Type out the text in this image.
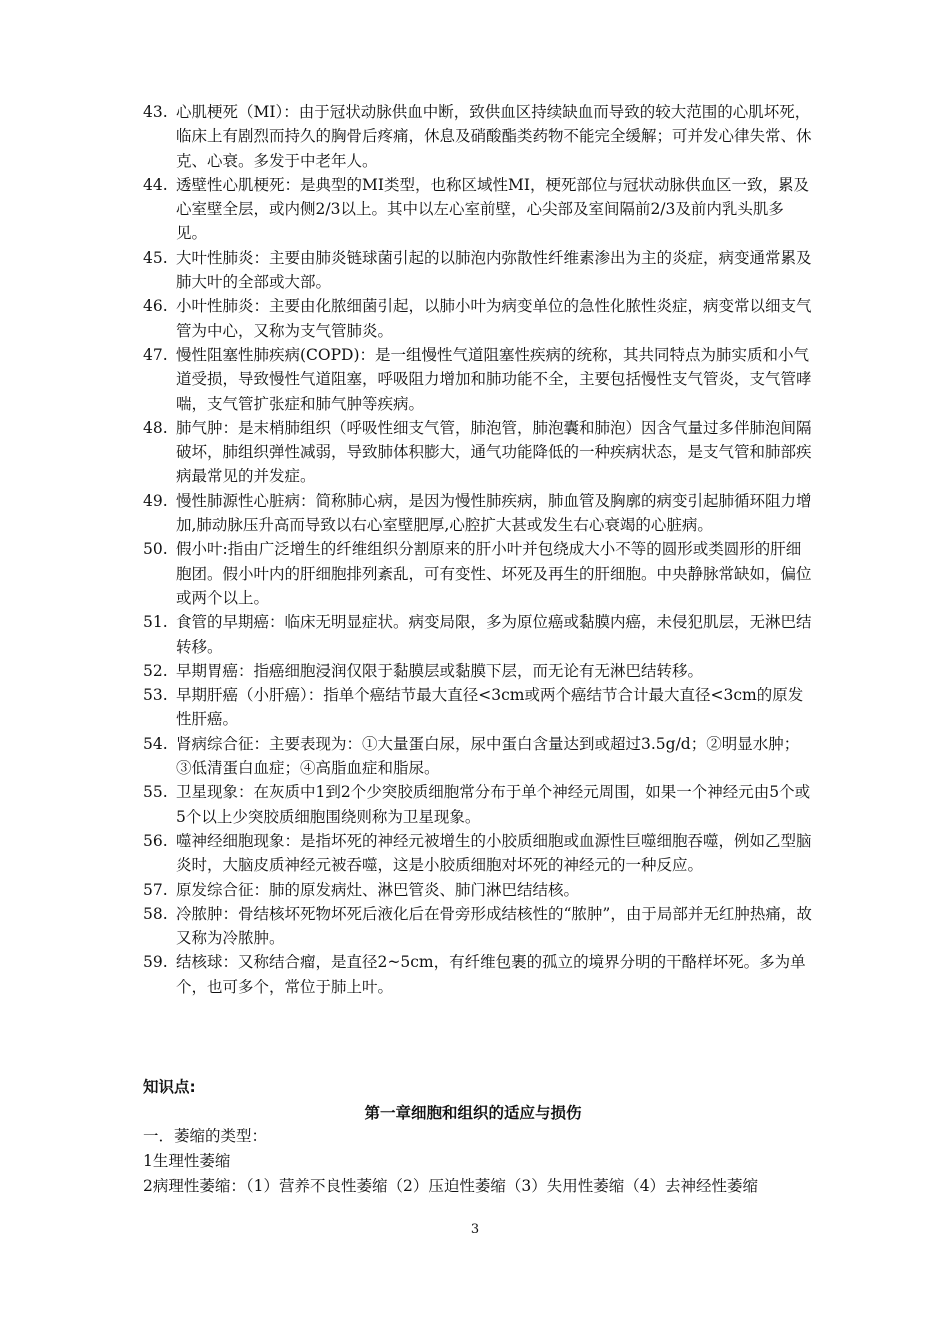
43. 心肌梗死（MI）：由于冠状动脉供血中断，致供血区持续缺血而导致的较大范围的心肌坏死，临床上有剧烈而持久的胸骨后疼痛，休息及硝酸酯类药物不能完全缓解；可并发心律失常、休克、心衰。多发于中老年人。
44. 透壁性心肌梗死：是典型的MI类型，也称区域性MI，梗死部位与冠状动脉供血区一致，累及心室壁全层，或内侧2/3以上。其中以左心室前壁，心尖部及室间隔前2/3及前内乳头肌多见。
45. 大叶性肺炎：主要由肺炎链球菌引起的以肺泡内弥散性纤维素渗出为主的炎症，病变通常累及肺大叶的全部或大部。
46. 小叶性肺炎：主要由化脓细菌引起，以肺小叶为病变单位的急性化脓性炎症，病变常以细支气管为中心，又称为支气管肺炎。
47. 慢性阻塞性肺疾病(COPD)：是一组慢性气道阻塞性疾病的统称，其共同特点为肺实质和小气道受损，导致慢性气道阻塞，呼吸阻力增加和肺功能不全，主要包括慢性支气管炎，支气管哮喘，支气管扩张症和肺气肿等疾病。
48. 肺气肿：是末梢肺组织（呼吸性细支气管，肺泡管，肺泡囊和肺泡）因含气量过多伴肺泡间隔破坏，肺组织弹性减弱，导致肺体积膨大，通气功能降低的一种疾病状态，是支气管和肺部疾病最常见的并发症。
49. 慢性肺源性心脏病：简称肺心病，是因为慢性肺疾病，肺血管及胸廓的病变引起肺循环阻力增加,肺动脉压升高而导致以右心室壁肥厚,心腔扩大甚或发生右心衰竭的心脏病。
50. 假小叶:指由广泛增生的纤维组织分割原来的肝小叶并包绕成大小不等的圆形或类圆形的肝细胞团。假小叶内的肝细胞排列紊乱，可有变性、坏死及再生的肝细胞。中央静脉常缺如，偏位或两个以上。
51. 食管的早期癌：临床无明显症状。病变局限，多为原位癌或黏膜内癌，未侵犯肌层，无淋巴结转移。
52. 早期胃癌：指癌细胞浸润仅限于黏膜层或黏膜下层，而无论有无淋巴结转移。
53. 早期肝癌（小肝癌）：指单个癌结节最大直径<3cm或两个癌结节合计最大直径<3cm的原发性肝癌。
54. 肾病综合征：主要表现为：①大量蛋白尿，尿中蛋白含量达到或超过3.5g/d；②明显水肿；③低清蛋白血症；④高脂血症和脂尿。
55. 卫星现象：在灰质中1到2个少突胶质细胞常分布于单个神经元周围，如果一个神经元由5个或5个以上少突胶质细胞围绕则称为卫星现象。
56. 噬神经细胞现象：是指坏死的神经元被增生的小胶质细胞或血源性巨噬细胞吞噬，例如乙型脑炎时，大脑皮质神经元被吞噬，这是小胶质细胞对坏死的神经元的一种反应。
57. 原发综合征：肺的原发病灶、淋巴管炎、肺门淋巴结结核。
58. 冷脓肿：骨结核坏死物坏死后液化后在骨旁形成结核性的“脓肿”，由于局部并无红肿热痛，故又称为冷脓肿。
59. 结核球：又称结合瘤，是直径2~5cm，有纤维包裹的孤立的境界分明的干酪样坏死。多为单个，也可多个，常位于肺上叶。
知识点:
第一章细胞和组织的适应与损伤
一．萎缩的类型：
1生理性萎缩
2病理性萎缩：（1）营养不良性萎缩（2）压迫性萎缩（3）失用性萎缩（4）去神经性萎缩
3
